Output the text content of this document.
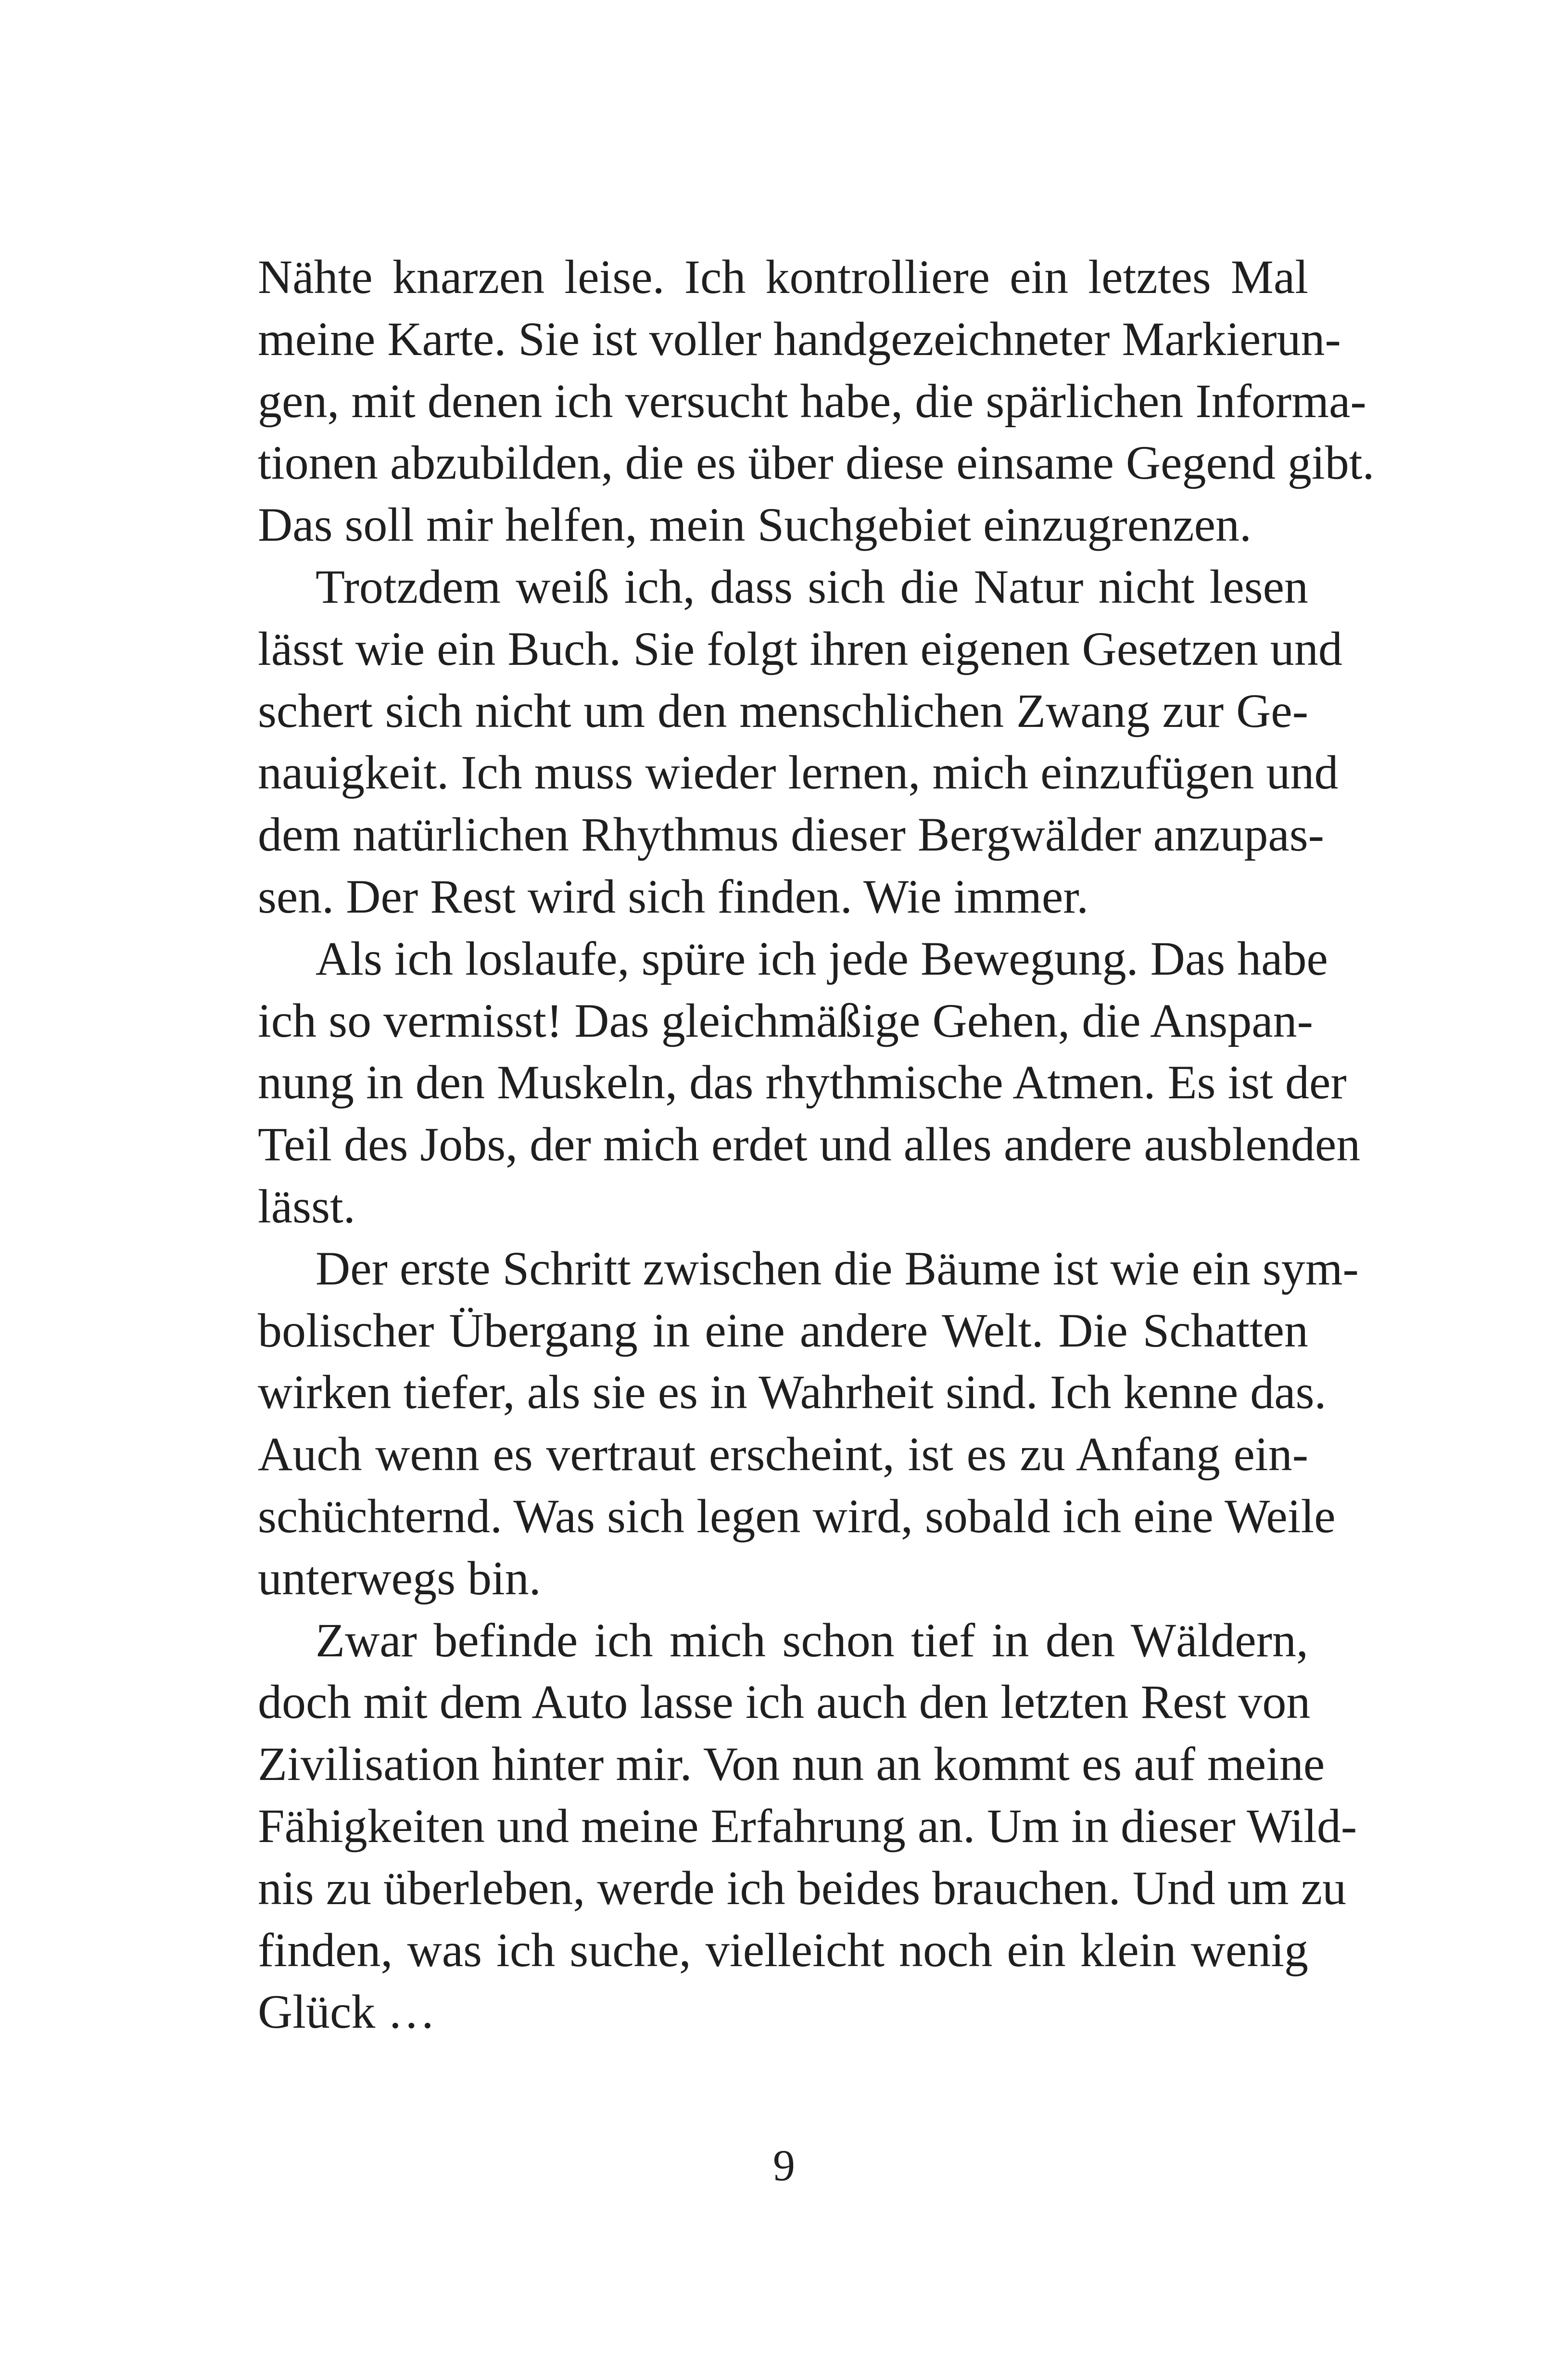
Nähte knarzen leise. Ich kontrolliere ein letztes Mal
meine Karte. Sie ist voller handgezeichneter Markierun-
gen, mit denen ich versucht habe, die spärlichen Informa-
tionen abzubilden, die es über diese einsame Gegend gibt.
Das soll mir helfen, mein Suchgebiet einzugrenzen.

Trotzdem weiß ich, dass sich die Natur nicht lesen
lässt wie ein Buch. Sie folgt ihren eigenen Gesetzen und
schert sich nicht um den menschlichen Zwang zur Ge-
nauigkeit. Ich muss wieder lernen, mich einzufügen und
dem natürlichen Rhythmus dieser Bergwälder anzupas-
sen. Der Rest wird sich finden. Wie immer.

Als ich loslaufe, spüre ich jede Bewegung. Das habe
ich so vermisst! Das gleichmäßige Gehen, die Anspan-
nung in den Muskeln, das rhythmische Atmen. Es ist der
Teil des Jobs, der mich erdet und alles andere ausblenden
lässt.

Der erste Schritt zwischen die Bäume ist wie ein sym-
bolischer Übergang in eine andere Welt. Die Schatten
wirken tiefer, als sie es in Wahrheit sind. Ich kenne das.
Auch wenn es vertraut erscheint, ist es zu Anfang ein-
schüchternd. Was sich legen wird, sobald ich eine Weile
unterwegs bin.

Zwar befinde ich mich schon tief in den Wäldern,
doch mit dem Auto lasse ich auch den letzten Rest von
Zivilisation hinter mir. Von nun an kommt es auf meine
Fähigkeiten und meine Erfahrung an. Um in dieser Wild-
nis zu überleben, werde ich beides brauchen. Und um zu
finden, was ich suche, vielleicht noch ein klein wenig
Glück …

9
